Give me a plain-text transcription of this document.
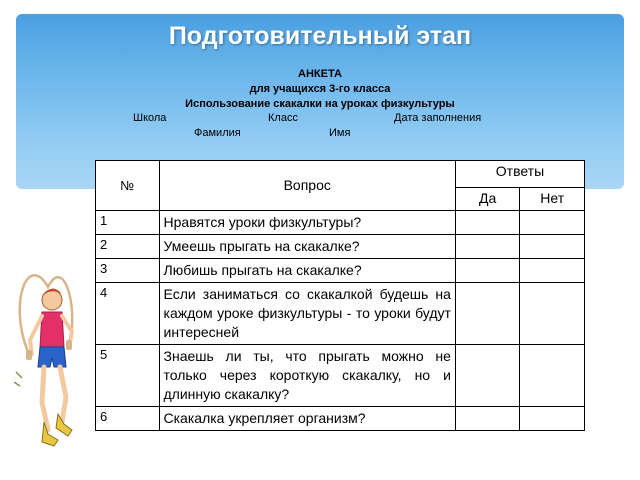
Подготовительный этап
АНКЕТА
для учащихся 3-го класса
Использование скакалки на уроках физкультуры
Школа	Класс	Дата заполнения
Фамилия	Имя
№	Вопрос	Ответы	
		Да	Нет
1	Нравятся уроки физкультуры?		
2	Умеешь прыгать на скакалке?		
3	Любишь прыгать на скакалке?		
4	Если заниматься со скакалкой будешь на каждом уроке физкультуры - то уроки будут интересней		
5	Знаешь ли ты, что прыгать можно не только через короткую скакалку, но и длинную скакалку?		
6	Скакалка укрепляет организм?		
